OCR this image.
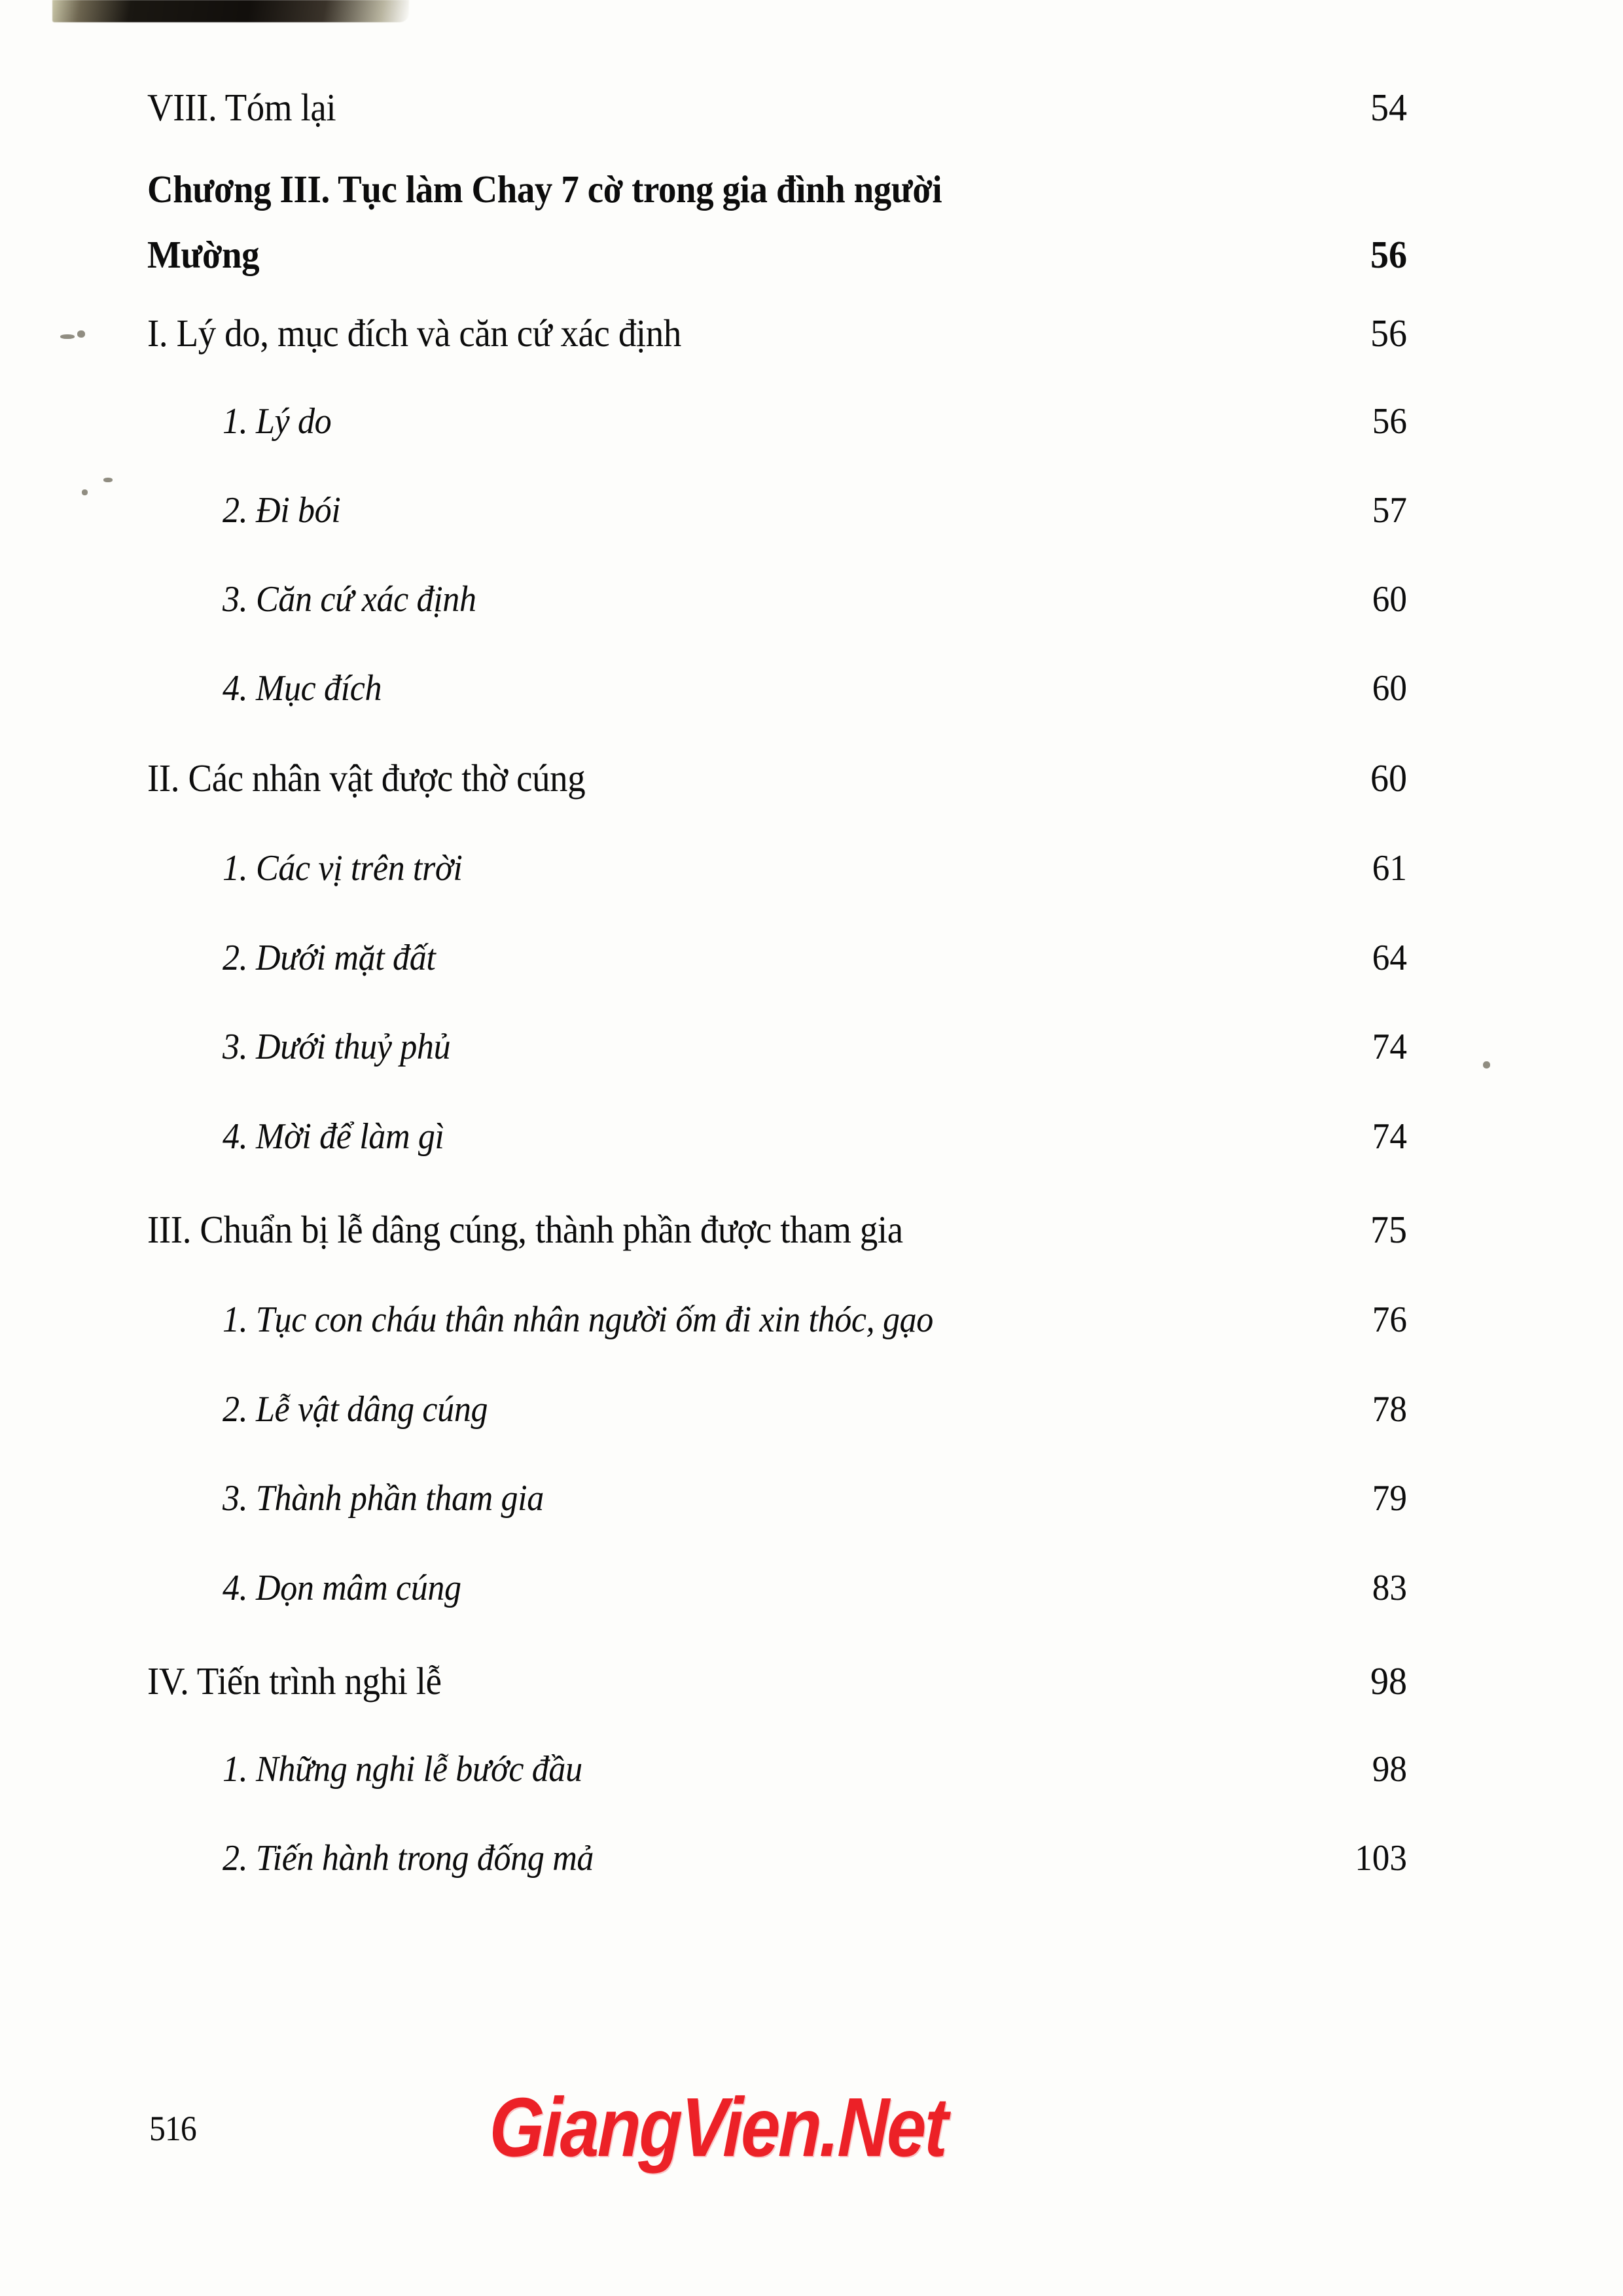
VIII. Tóm lại	54
Chương III. Tục làm Chay 7 cờ trong gia đình người
Mường	56
I. Lý do, mục đích và căn cứ xác định	56
1. Lý do	56
2. Đi bói	57
3. Căn cứ xác định	60
4. Mục đích	60
II. Các nhân vật được thờ cúng	60
1. Các vị trên trời	61
2. Dưới mặt đất	64
3. Dưới thuỷ phủ	74
4. Mời để làm gì	74
III. Chuẩn bị lễ dâng cúng, thành phần được tham gia	75
1. Tục con cháu thân nhân người ốm đi xin thóc, gạo	76
2. Lễ vật dâng cúng	78
3. Thành phần tham gia	79
4. Dọn mâm cúng	83
IV. Tiến trình nghi lễ	98
1. Những nghi lễ bước đầu	98
2. Tiến hành trong đống mả	103
516	GiangVien.Net
